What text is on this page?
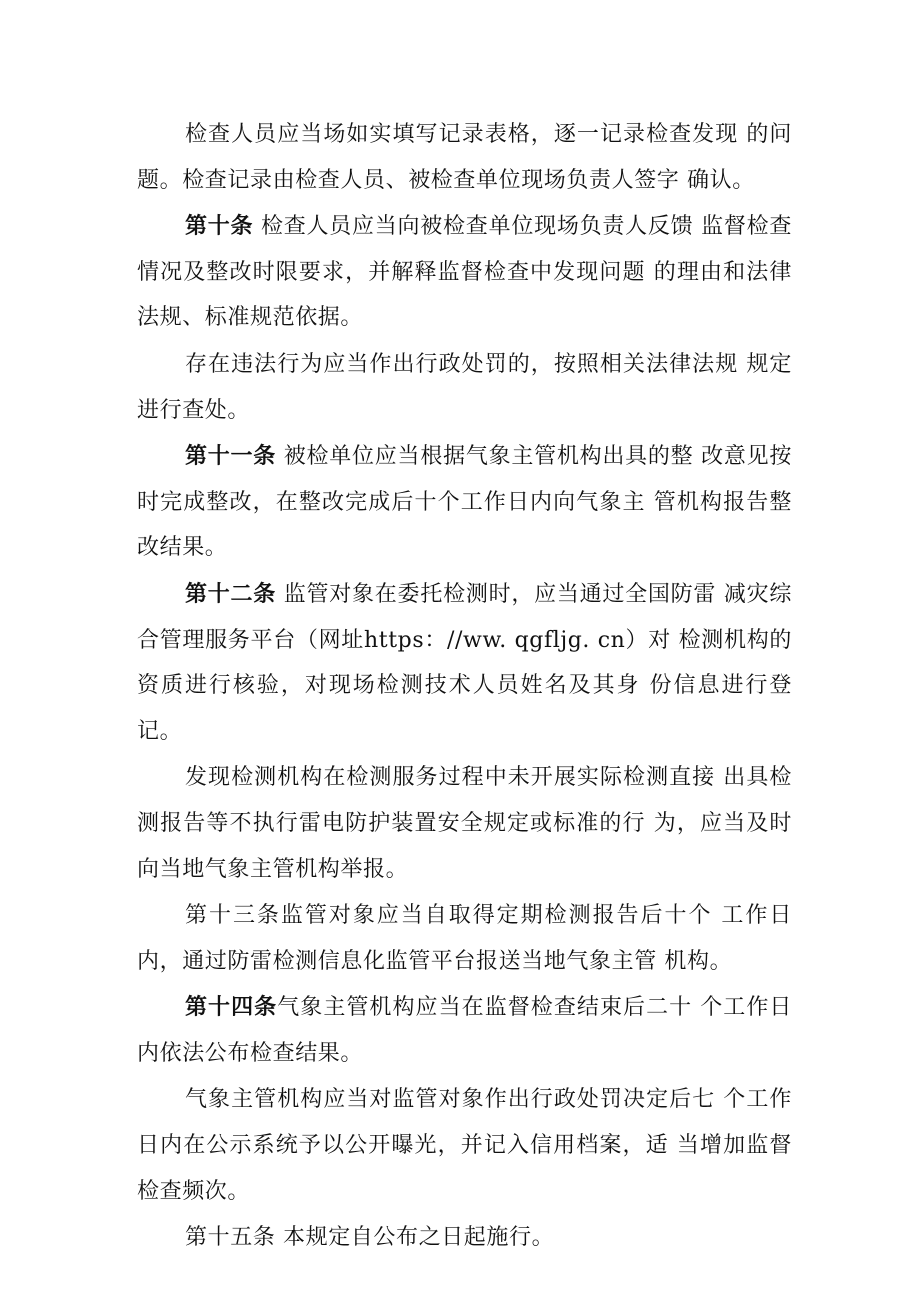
检查人员应当场如实填写记录表格，逐一记录检查发现 的问题。检查记录由检查人员、被检查单位现场负责人签字 确认。

第十条 检查人员应当向被检查单位现场负责人反馈 监督检查情况及整改时限要求，并解释监督检查中发现问题 的理由和法律法规、标准规范依据。

存在违法行为应当作出行政处罚的，按照相关法律法规 规定进行查处。

第十一条 被检单位应当根据气象主管机构出具的整 改意见按时完成整改，在整改完成后十个工作日内向气象主 管机构报告整改结果。

第十二条 监管对象在委托检测时，应当通过全国防雷 减灾综合管理服务平台（网址https：//ww. qgfljg. cn）对 检测机构的资质进行核验，对现场检测技术人员姓名及其身 份信息进行登记。

发现检测机构在检测服务过程中未开展实际检测直接 出具检测报告等不执行雷电防护装置安全规定或标准的行 为，应当及时向当地气象主管机构举报。

第十三条监管对象应当自取得定期检测报告后十个 工作日内，通过防雷检测信息化监管平台报送当地气象主管 机构。

第十四条气象主管机构应当在监督检查结束后二十 个工作日内依法公布检查结果。

气象主管机构应当对监管对象作出行政处罚决定后七 个工作日内在公示系统予以公开曝光，并记入信用档案，适 当增加监督检查频次。

第十五条 本规定自公布之日起施行。
